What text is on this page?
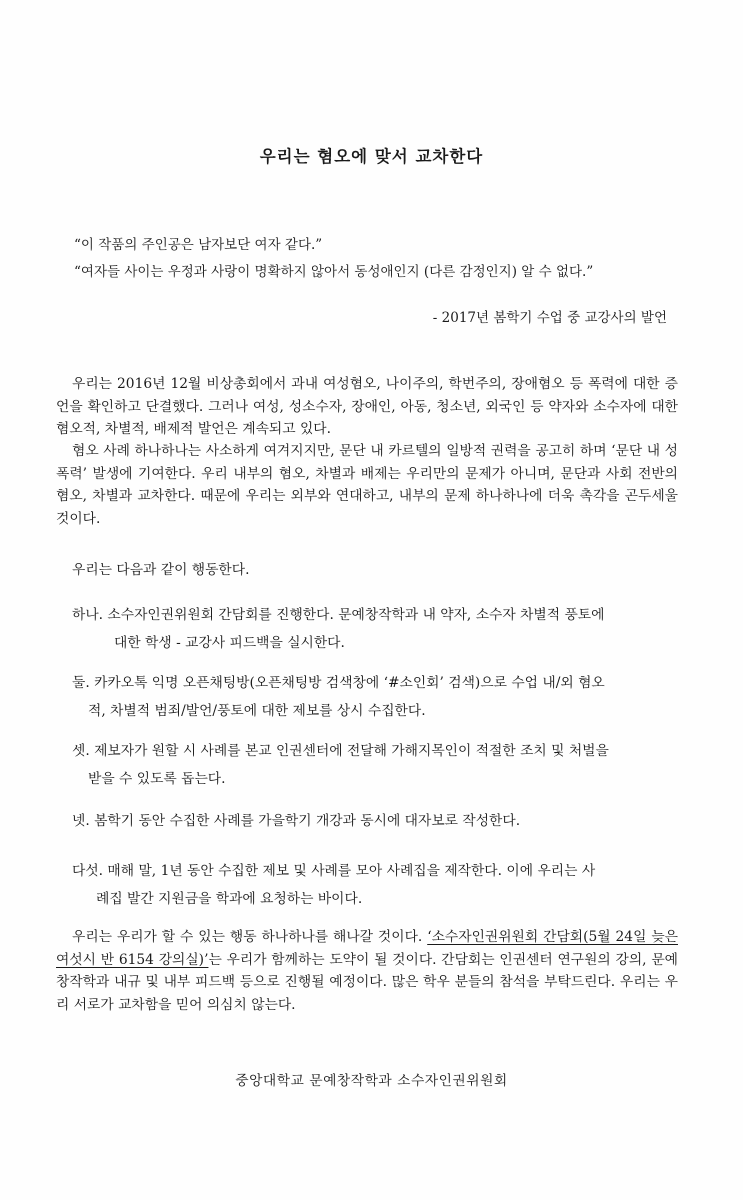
우리는 혐오에 맞서 교차한다
“이 작품의 주인공은 남자보단 여자 같다.”
“여자들 사이는 우정과 사랑이 명확하지 않아서 동성애인지 (다른 감정인지) 알 수 없다.”
- 2017년 봄학기 수업 중 교강사의 발언
우리는 2016년 12월 비상총회에서 과내 여성혐오, 나이주의, 학번주의, 장애혐오 등 폭력에 대한 증언을 확인하고 단결했다. 그러나 여성, 성소수자, 장애인, 아동, 청소년, 외국인 등 약자와 소수자에 대한 혐오적, 차별적, 배제적 발언은 계속되고 있다.
혐오 사례 하나하나는 사소하게 여겨지지만, 문단 내 카르텔의 일방적 권력을 공고히 하며 ‘문단 내 성폭력’ 발생에 기여한다. 우리 내부의 혐오, 차별과 배제는 우리만의 문제가 아니며, 문단과 사회 전반의 혐오, 차별과 교차한다. 때문에 우리는 외부와 연대하고, 내부의 문제 하나하나에 더욱 촉각을 곤두세울 것이다.
우리는 다음과 같이 행동한다.
하나. 소수자인권위원회 간담회를 진행한다. 문예창작학과 내 약자, 소수자 차별적 풍토에
대한 학생 - 교강사 피드백을 실시한다.
둘. 카카오톡 익명 오픈채팅방(오픈채팅방 검색창에 ‘#소인회’ 검색)으로 수업 내/외 혐오
적, 차별적 범죄/발언/풍토에 대한 제보를 상시 수집한다.
셋. 제보자가 원할 시 사례를 본교 인권센터에 전달해 가해지목인이 적절한 조치 및 처벌을
받을 수 있도록 돕는다.
넷. 봄학기 동안 수집한 사례를 가을학기 개강과 동시에 대자보로 작성한다.
다섯. 매해 말, 1년 동안 수집한 제보 및 사례를 모아 사례집을 제작한다. 이에 우리는 사
례집 발간 지원금을 학과에 요청하는 바이다.
우리는 우리가 할 수 있는 행동 하나하나를 해나갈 것이다. ‘소수자인권위원회 간담회(5월 24일 늦은 여섯시 반 6154 강의실)’는 우리가 함께하는 도약이 될 것이다. 간담회는 인권센터 연구원의 강의, 문예창작학과 내규 및 내부 피드백 등으로 진행될 예정이다. 많은 학우 분들의 참석을 부탁드린다. 우리는 우리 서로가 교차함을 믿어 의심치 않는다.
중앙대학교 문예창작학과 소수자인권위원회
